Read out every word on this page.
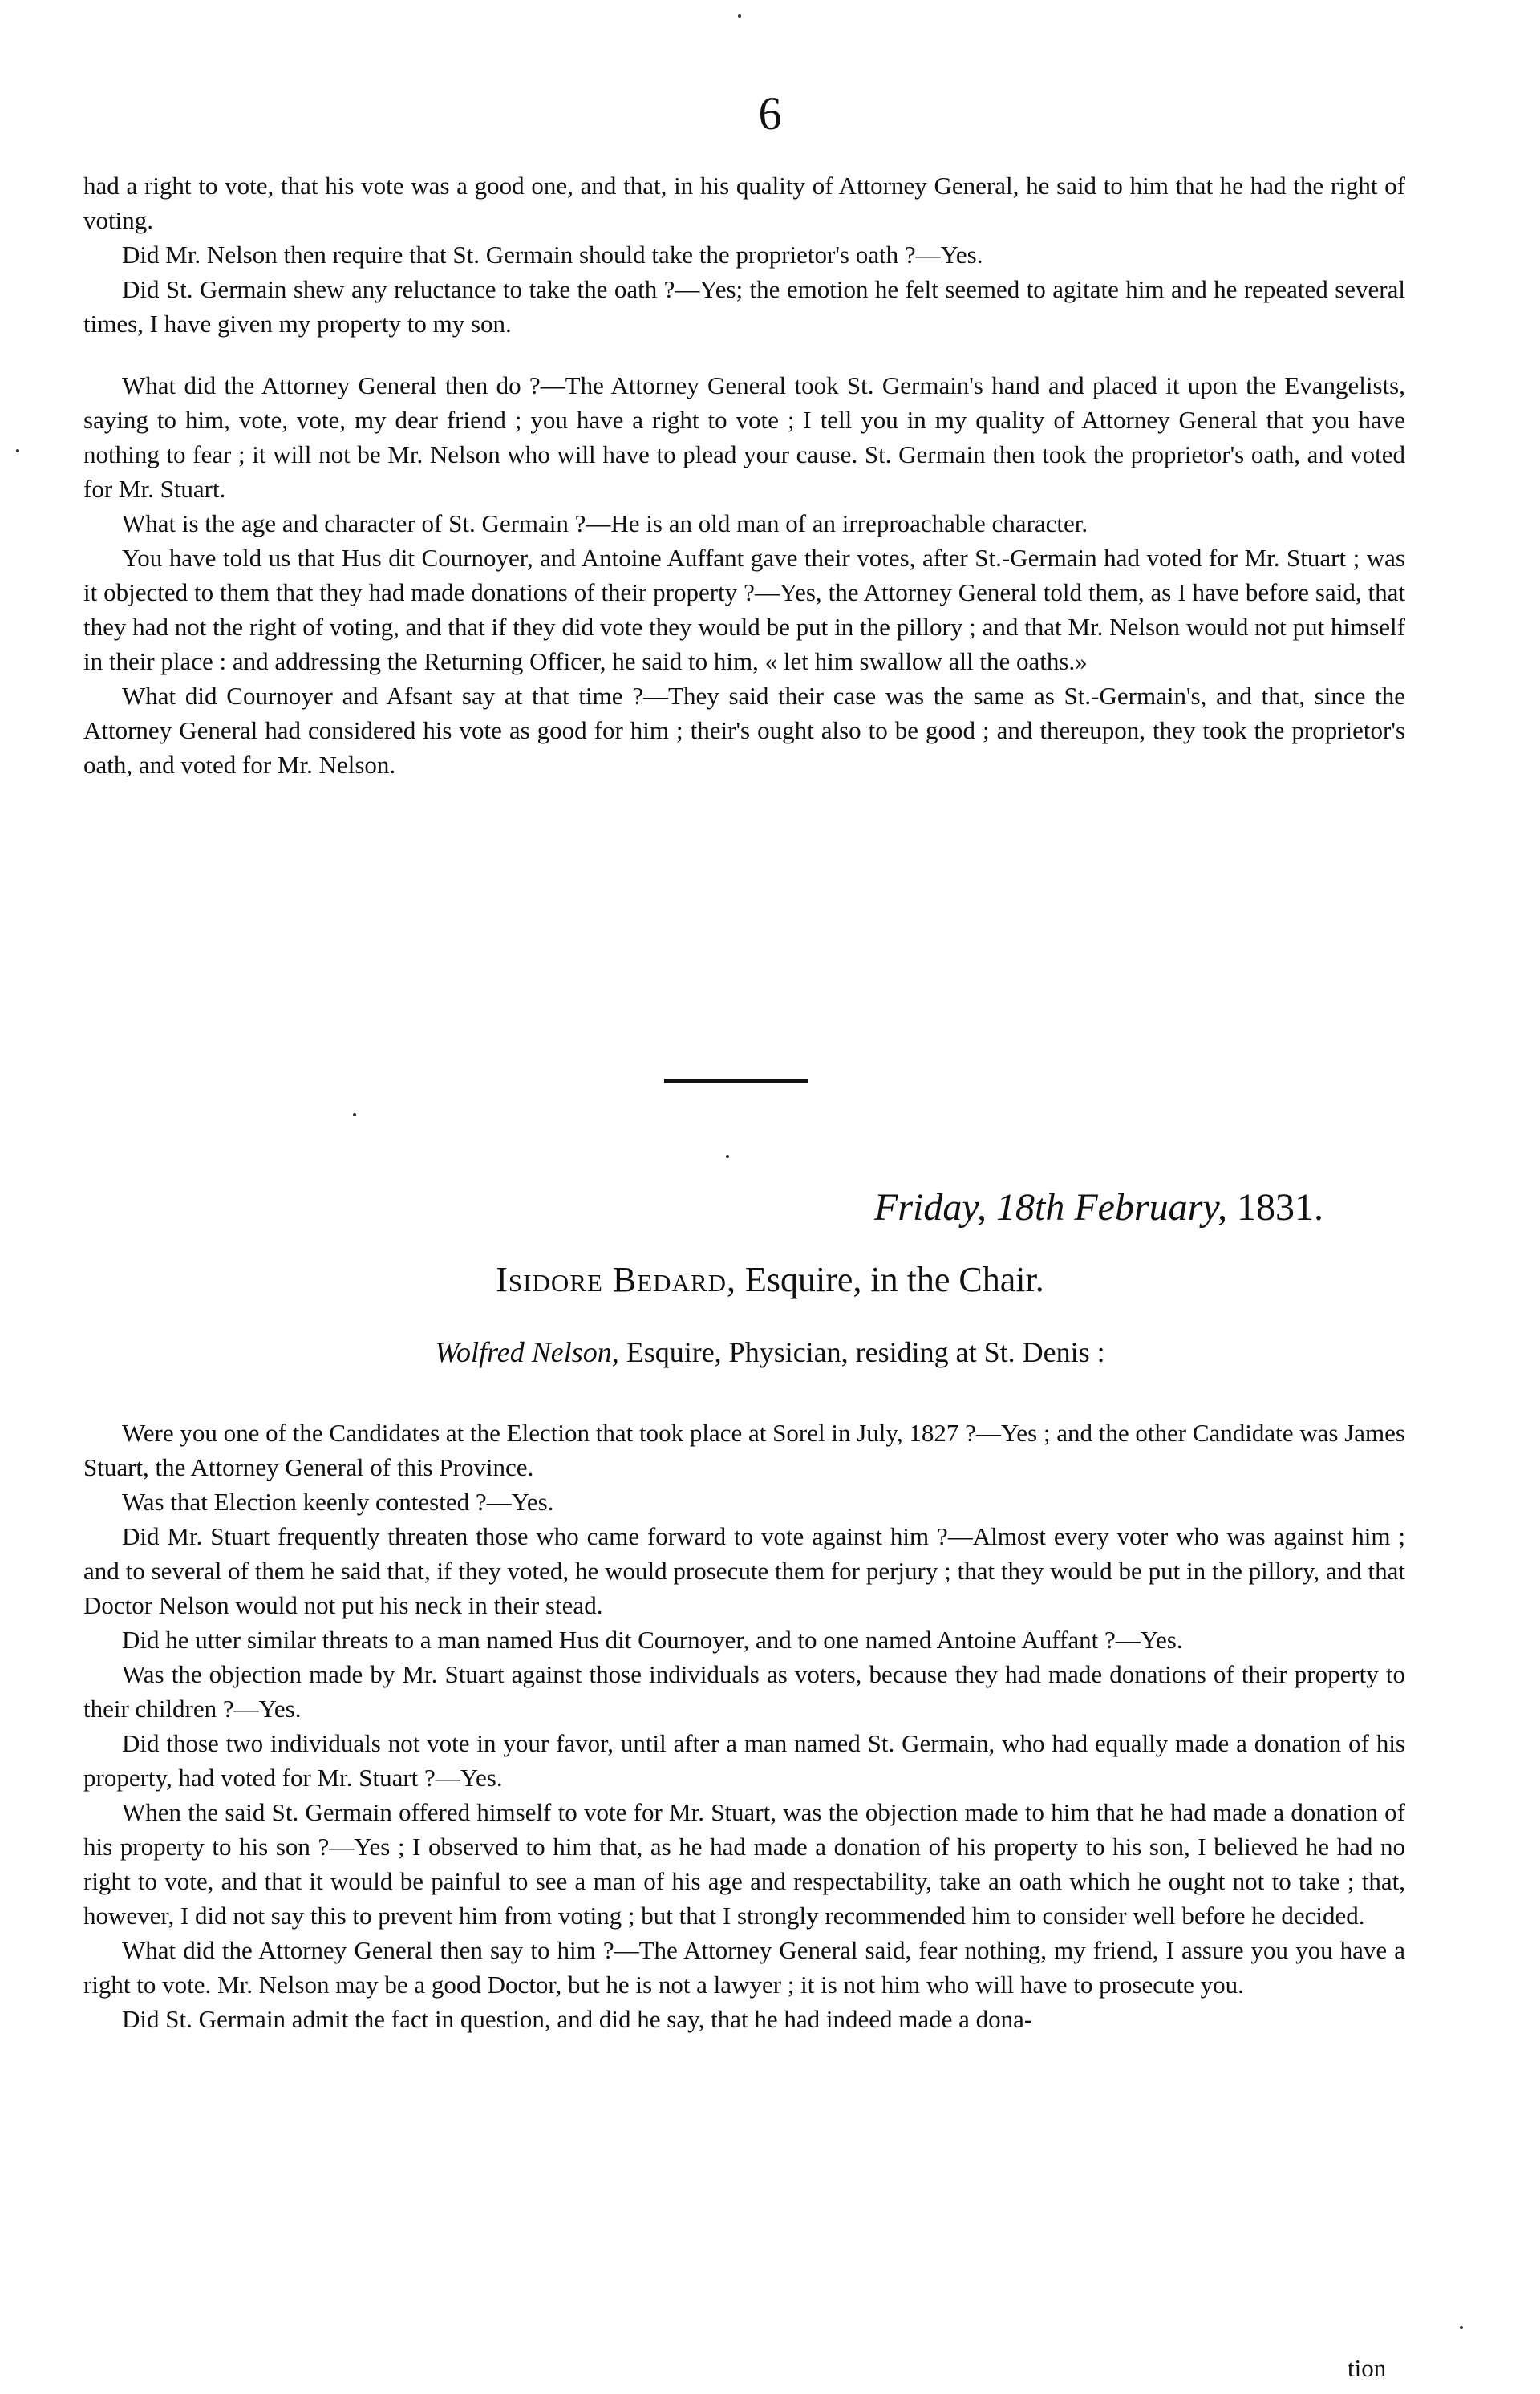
6

had a right to vote, that his vote was a good one, and that, in his quality of Attorney General, he said to him that he had the right of voting.

Did Mr. Nelson then require that St. Germain should take the proprietor's oath ?—Yes.

Did St. Germain shew any reluctance to take the oath ?—Yes; the emotion he felt seemed to agitate him and he repeated several times, I have given my property to my son.

What did the Attorney General then do ?—The Attorney General took St. Germain's hand and placed it upon the Evangelists, saying to him, vote, vote, my dear friend ; you have a right to vote ; I tell you in my quality of Attorney General that you have nothing to fear ; it will not be Mr. Nelson who will have to plead your cause. St. Germain then took the proprietor's oath, and voted for Mr. Stuart.

What is the age and character of St. Germain ?—He is an old man of an irreproachable character.

You have told us that Hus dit Cournoyer, and Antoine Auffant gave their votes, after St.-Germain had voted for Mr. Stuart ; was it objected to them that they had made donations of their property ?—Yes, the Attorney General told them, as I have before said, that they had not the right of voting, and that if they did vote they would be put in the pillory ; and that Mr. Nelson would not put himself in their place : and addressing the Returning Officer, he said to him, « let him swallow all the oaths.»

What did Cournoyer and Afsant say at that time ?—They said their case was the same as St.-Germain's, and that, since the Attorney General had considered his vote as good for him ; their's ought also to be good ; and thereupon, they took the proprietor's oath, and voted for Mr. Nelson.

Friday, 18th February, 1831.
Isidore Bedard, Esquire, in the Chair.
Wolfred Nelson, Esquire, Physician, residing at St. Denis :

Were you one of the Candidates at the Election that took place at Sorel in July, 1827 ?—Yes ; and the other Candidate was James Stuart, the Attorney General of this Province.

Was that Election keenly contested ?—Yes.

Did Mr. Stuart frequently threaten those who came forward to vote against him ?—Almost every voter who was against him ; and to several of them he said that, if they voted, he would prosecute them for perjury ; that they would be put in the pillory, and that Doctor Nelson would not put his neck in their stead.

Did he utter similar threats to a man named Hus dit Cournoyer, and to one named Antoine Auffant ?—Yes.

Was the objection made by Mr. Stuart against those individuals as voters, because they had made donations of their property to their children ?—Yes.

Did those two individuals not vote in your favor, until after a man named St. Germain, who had equally made a donation of his property, had voted for Mr. Stuart ?—Yes.

When the said St. Germain offered himself to vote for Mr. Stuart, was the objection made to him that he had made a donation of his property to his son ?—Yes ; I observed to him that, as he had made a donation of his property to his son, I believed he had no right to vote, and that it would be painful to see a man of his age and respectability, take an oath which he ought not to take ; that, however, I did not say this to prevent him from voting ; but that I strongly recommended him to consider well before he decided.

What did the Attorney General then say to him ?—The Attorney General said, fear nothing, my friend, I assure you you have a right to vote. Mr. Nelson may be a good Doctor, but he is not a lawyer ; it is not him who will have to prosecute you.

Did St. Germain admit the fact in question, and did he say, that he had indeed made a dona-

tion
